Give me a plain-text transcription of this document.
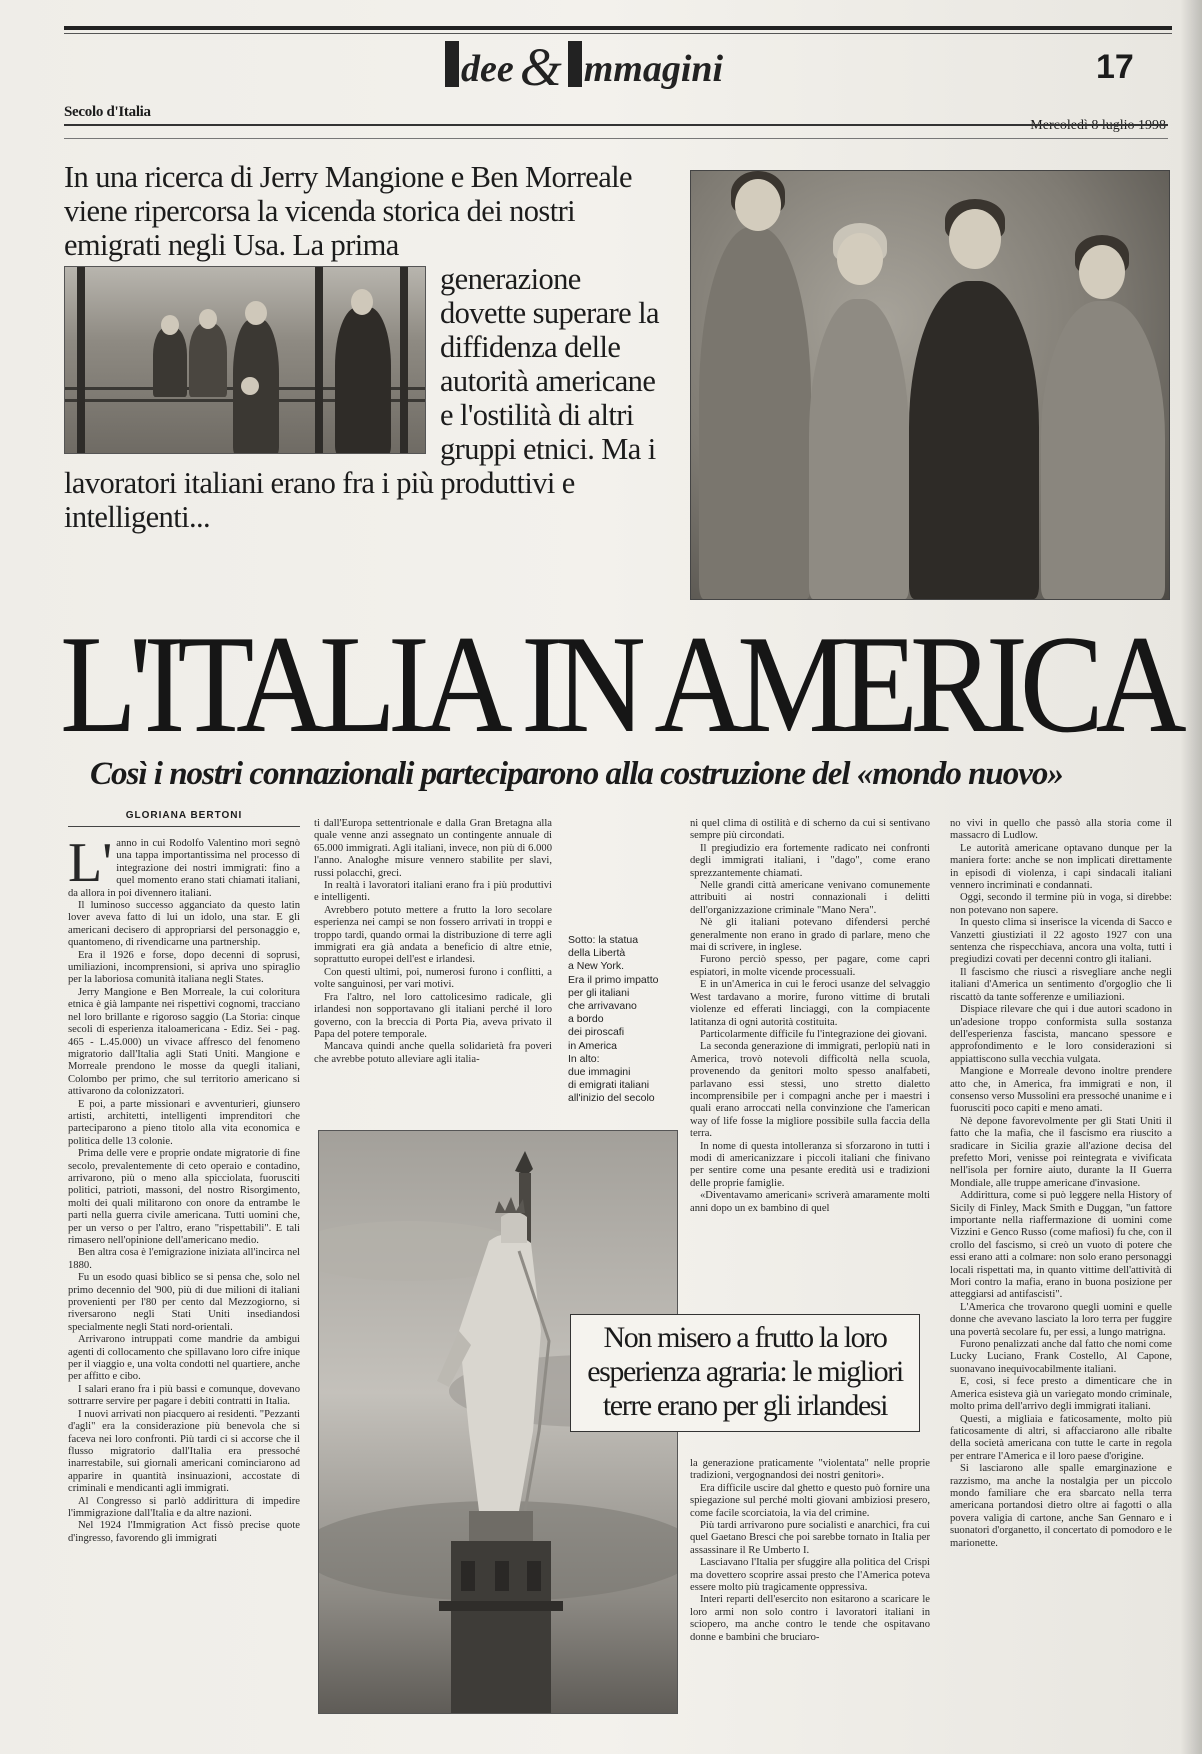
dee & mmagini	17
Secolo d'Italia

In una ricerca di Jerry Mangione e Ben Morreale viene ripercorsa la vicenda storica dei nostri emigrati negli Usa. La prima

generazione dovette superare la diffidenza delle autorità americane e l'ostilità di altri gruppi etnici. Ma i lavoratori italiani erano fra i più produttivi e intelligenti...

L'ITALIA IN AMERICA
Così i nostri connazionali parteciparono alla costruzione del «mondo nuovo»
GLORIANA BERTONI
L' anno in cui Rodolfo Valentino morì segnò una tappa importantissima nel processo di integrazione dei nostri immigrati: fino a quel momento erano stati chiamati italiani, da allora in poi divennero italiani.

Il luminoso successo agganciato da questo latin lover aveva fatto di lui un idolo, una star. E gli americani decisero di appropriarsi del personaggio e, quantomeno, di rivendicarne una partnership.

Era il 1926 e forse, dopo decenni di soprusi, umiliazioni, incomprensioni, si apriva uno spiraglio per la laboriosa comunità italiana negli States.

Jerry Mangione e Ben Morreale, la cui coloritura etnica è già lampante nei rispettivi cognomi, tracciano nel loro brillante e rigoroso saggio (La Storia: cinque secoli di esperienza italoamericana - Ediz. Sei - pag. 465 - L.45.000) un vivace affresco del fenomeno migratorio dall'Italia agli Stati Uniti. Mangione e Morreale prendono le mosse da quegli italiani, Colombo per primo, che sul territorio americano si attivarono da colonizzatori.

E poi, a parte missionari e avventurieri, giunsero artisti, architetti, intelligenti imprenditori che parteciparono a pieno titolo alla vita economica e politica delle 13 colonie.

Prima delle vere e proprie ondate migratorie di fine secolo, prevalentemente di ceto operaio e contadino, arrivarono, più o meno alla spicciolata, fuorusciti politici, patrioti, massoni, del nostro Risorgimento, molti dei quali militarono con onore da entrambe le parti nella guerra civile americana. Tutti uomini che, per un verso o per l'altro, erano "rispettabili". E tali rimasero nell'opinione dell'americano medio.

Ben altra cosa è l'emigrazione iniziata all'incirca nel 1880.

Fu un esodo quasi biblico se si pensa che, solo nel primo decennio del '900, più di due milioni di italiani provenienti per l'80 per cento dal Mezzogiorno, si riversarono negli Stati Uniti insediandosi specialmente negli Stati nord-orientali.

Arrivarono intruppati come mandrie da ambigui agenti di collocamento che spillavano loro cifre inique per il viaggio e, una volta condotti nel quartiere, anche per affitto e cibo.

I salari erano fra i più bassi e comunque, dovevano sottrarre servire per pagare i debiti contratti in Italia.

I nuovi arrivati non piacquero ai residenti. "Pezzanti d'agli" era la considerazione più benevola che si faceva nei loro confronti. Più tardi ci si accorse che il flusso migratorio dall'Italia era pressoché inarrestabile, sui giornali americani cominciarono ad apparire in quantità insinuazioni, accostate di criminali e mendicanti agli immigrati.

Al Congresso si parlò addirittura di impedire l'immigrazione dall'Italia e da altre nazioni.

Nel 1924 l'Immigration Act fissò precise quote d'ingresso, favorendo gli immigrati

ti dall'Europa settentrionale e dalla Gran Bretagna alla quale venne anzi assegnato un contingente annuale di 65.000 immigrati. Agli italiani, invece, non più di 6.000 l'anno. Analoghe misure vennero stabilite per slavi, russi polacchi, greci.

In realtà i lavoratori italiani erano fra i più produttivi e intelligenti.

Avrebbero potuto mettere a frutto la loro secolare esperienza nei campi se non fossero arrivati in troppi e troppo tardi, quando ormai la distribuzione di terre agli immigrati era già andata a beneficio di altre etnie, soprattutto europei dell'est e irlandesi.

Con questi ultimi, poi, numerosi furono i conflitti, a volte sanguinosi, per vari motivi.

Fra l'altro, nel loro cattolicesimo radicale, gli irlandesi non sopportavano gli italiani perché il loro governo, con la breccia di Porta Pia, aveva privato il Papa del potere temporale.

Mancava quindi anche quella solidarietà fra poveri che avrebbe potuto alleviare agli italia-

Sotto: la statua
della Libertà
a New York.
Era il primo impatto
per gli italiani
che arrivavano
a bordo
dei piroscafi
in America
In alto:
due immagini
di emigrati italiani
all'inizio del secolo

ni quel clima di ostilità e di scherno da cui si sentivano sempre più circondati.

Il pregiudizio era fortemente radicato nei confronti degli immigrati italiani, i "dago", come erano sprezzantemente chiamati.

Nelle grandi città americane venivano comunemente attribuiti ai nostri connazionali i delitti dell'organizzazione criminale "Mano Nera".

Nè gli italiani potevano difendersi perché generalmente non erano in grado di parlare, meno che mai di scrivere, in inglese.

Furono perciò spesso, per pagare, come capri espiatori, in molte vicende processuali.

E in un'America in cui le feroci usanze del selvaggio West tardavano a morire, furono vittime di brutali violenze ed efferati linciaggi, con la compiacente latitanza di ogni autorità costituita.

Particolarmente difficile fu l'integrazione dei giovani.

La seconda generazione di immigrati, perlopiù nati in America, trovò notevoli difficoltà nella scuola, provenendo da genitori molto spesso analfabeti, parlavano essi stessi, uno stretto dialetto incomprensibile per i compagni anche per i maestri i quali erano arroccati nella convinzione che l'american way of life fosse la migliore possibile sulla faccia della terra.

In nome di questa intolleranza si sforzarono in tutti i modi di americanizzare i piccoli italiani che finivano per sentire come una pesante eredità usi e tradizioni delle proprie famiglie.

«Diventavamo americani» scriverà amaramente molti anni dopo un ex bambino di quel

Non misero a frutto la loro esperienza agraria: le migliori terre erano per gli irlandesi

la generazione praticamente "violentata" nelle proprie tradizioni, vergognandosi dei nostri genitori».

Era difficile uscire dal ghetto e questo può fornire una spiegazione sul perché molti giovani ambiziosi presero, come facile scorciatoia, la via del crimine.

Più tardi arrivarono pure socialisti e anarchici, fra cui quel Gaetano Bresci che poi sarebbe tornato in Italia per assassinare il Re Umberto I.

Lasciavano l'Italia per sfuggire alla politica del Crispi ma dovettero scoprire assai presto che l'America poteva essere molto più tragicamente oppressiva.

Interi reparti dell'esercito non esitarono a scaricare le loro armi non solo contro i lavoratori italiani in sciopero, ma anche contro le tende che ospitavano donne e bambini che bruciaro-

no vivi in quello che passò alla storia come il massacro di Ludlow.

Le autorità americane optavano dunque per la maniera forte: anche se non implicati direttamente in episodi di violenza, i capi sindacali italiani vennero incriminati e condannati.

Oggi, secondo il termine più in voga, si direbbe: non potevano non sapere.

In questo clima si inserisce la vicenda di Sacco e Vanzetti giustiziati il 22 agosto 1927 con una sentenza che rispecchiava, ancora una volta, tutti i pregiudizi covati per decenni contro gli italiani.

Il fascismo che riuscì a risvegliare anche negli italiani d'America un sentimento d'orgoglio che li riscattò da tante sofferenze e umiliazioni.

Dispiace rilevare che qui i due autori scadono in un'adesione troppo conformista sulla sostanza dell'esperienza fascista, mancano spessore e approfondimento e le loro considerazioni si appiattiscono sulla vecchia vulgata.

Mangione e Morreale devono inoltre prendere atto che, in America, fra immigrati e non, il consenso verso Mussolini era pressoché unanime e i fuorusciti poco capiti e meno amati.

Nè depone favorevolmente per gli Stati Uniti il fatto che la mafia, che il fascismo era riuscito a sradicare in Sicilia grazie all'azione decisa del prefetto Mori, venisse poi reintegrata e vivificata nell'isola per fornire aiuto, durante la II Guerra Mondiale, alle truppe americane d'invasione.

Addirittura, come si può leggere nella History of Sicily di Finley, Mack Smith e Duggan, "un fattore importante nella riaffermazione di uomini come Vizzini e Genco Russo (come mafiosi) fu che, con il crollo del fascismo, si creò un vuoto di potere che essi erano atti a colmare: non solo erano personaggi locali rispettati ma, in quanto vittime dell'attività di Mori contro la mafia, erano in buona posizione per atteggiarsi ad antifascisti".

L'America che trovarono quegli uomini e quelle donne che avevano lasciato la loro terra per fuggire una povertà secolare fu, per essi, a lungo matrigna.

Furono penalizzati anche dal fatto che nomi come Lucky Luciano, Frank Costello, Al Capone, suonavano inequivocabilmente italiani.

E, così, si fece presto a dimenticare che in America esisteva già un variegato mondo criminale, molto prima dell'arrivo degli immigrati italiani.

Questi, a migliaia e faticosamente, molto più faticosamente di altri, si affacciarono alle ribalte della società americana con tutte le carte in regola per entrare l'America e il loro paese d'origine.

Si lasciarono alle spalle emarginazione e razzismo, ma anche la nostalgia per un piccolo mondo familiare che era sbarcato nella terra americana portandosi dietro oltre ai fagotti o alla povera valigia di cartone, anche San Gennaro e i suonatori d'organetto, il concertato di pomodoro e le marionette.
